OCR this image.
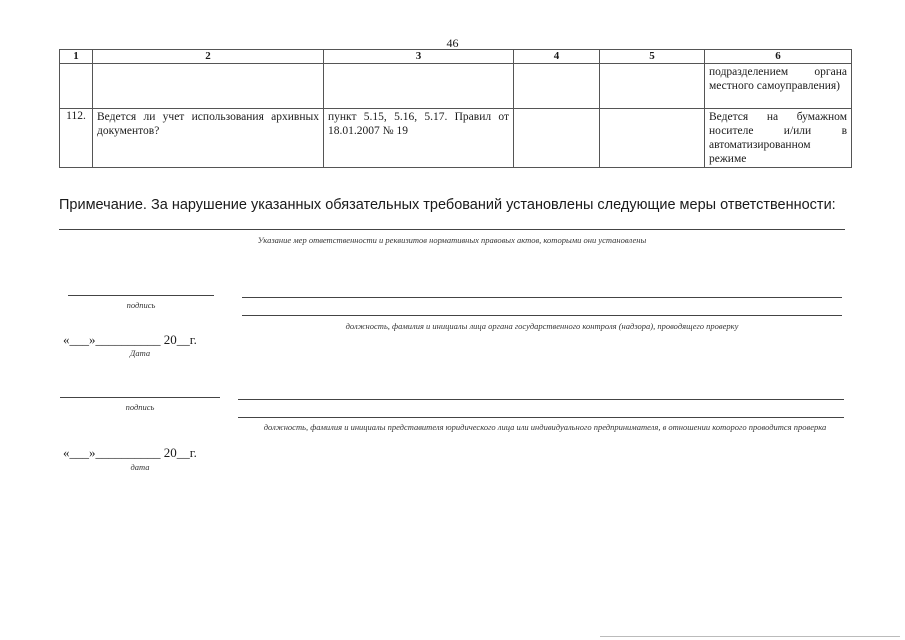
46
1	2	3	4	5	6
					подразделением органа местного самоуправления)
112.	Ведется ли учет использования архивных документов?	пункт 5.15, 5.16, 5.17. Правил от 18.01.2007 № 19			Ведется на бумажном носителе и/или в автоматизированном режиме
Примечание. За нарушение указанных обязательных требований установлены следующие меры ответственности:
Указание мер ответственности и реквизитов нормативных правовых актов, которыми они установлены
подпись
должность, фамилия и инициалы лица органа государственного контроля (надзора), проводящего проверку
«___»__________ 20__г.
Дата
подпись
должность, фамилия и инициалы представителя юридического лица или индивидуального предпринимателя, в отношении которого проводится проверка
«___»__________ 20__г.
дата
